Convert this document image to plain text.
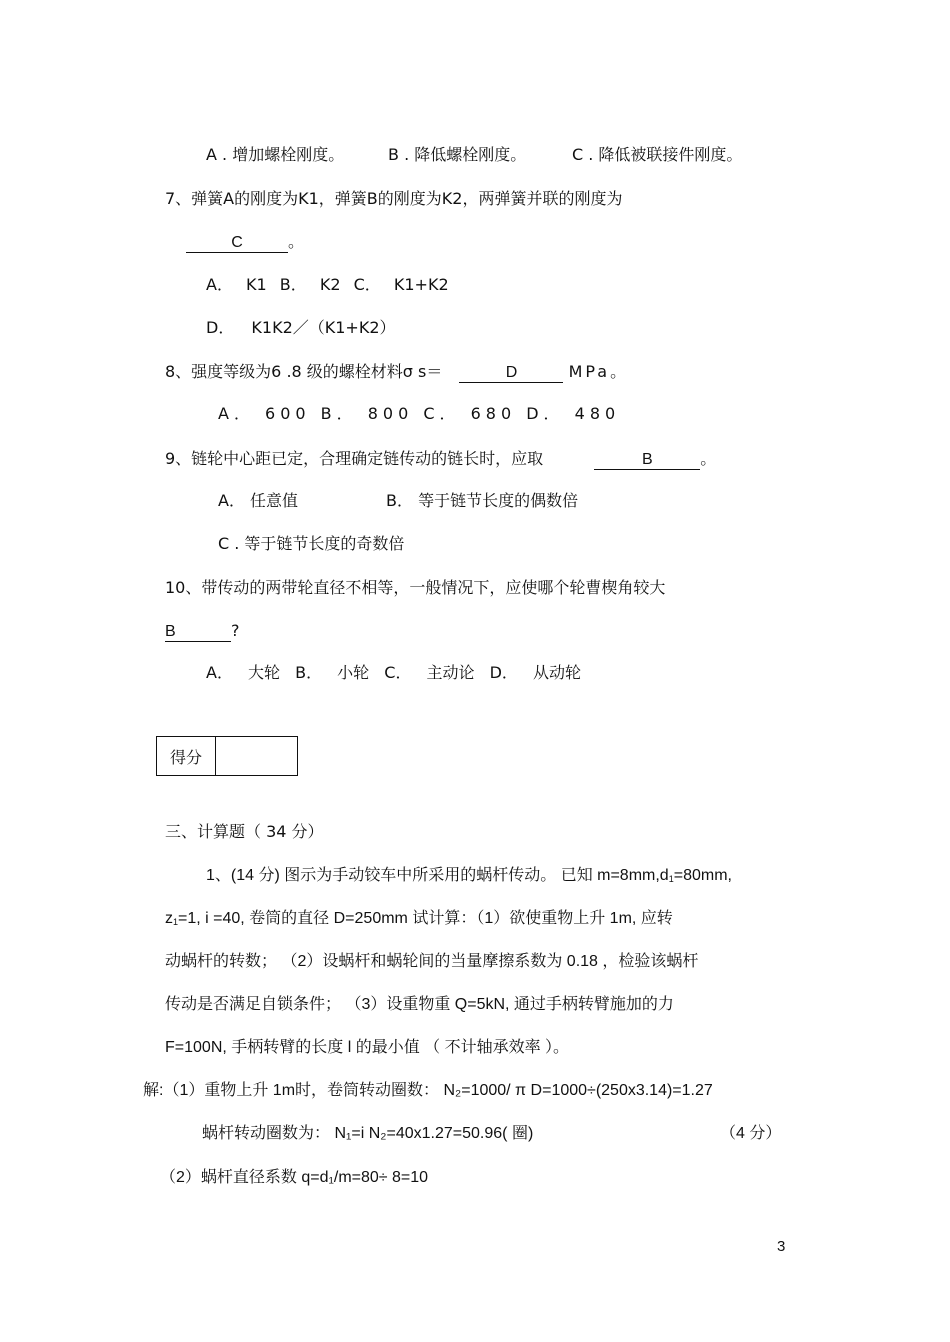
A . 增加螺栓刚度。	B . 降低螺栓刚度。	C . 降低被联接件刚度。
7、弹簧A的刚度为K1，弹簧B的刚度为K2，两弹簧并联的刚度为
C	。
A． K1 B． K2 C． K1+K2
D． K1K2／（K1+K2）
8、强度等级为6 .8 级的螺栓材料σ s＝	D	MPa。
A． 600 B． 800 C． 680 D． 480
9、链轮中心距已定，合理确定链传动的链长时，应取	B	。
A． 任意值	B． 等于链节长度的偶数倍
C . 等于链节长度的奇数倍
10、带传动的两带轮直径不相等，一般情况下，应使哪个轮曹楔角较大
B	?
A． 大轮 B． 小轮 C． 主动论 D． 从动轮
得分
三、计算题（ 34 分）
1、(14 分) 图示为手动铰车中所采用的蜗杆传动。 已知 $m=8mm,d_1=80mm$,
$z_1=1$, i =40, 卷筒的直径 D=250mm 试计算：（1）欲使重物上升 1m, 应转
动蜗杆的转数； （2）设蜗杆和蜗轮间的当量摩擦系数为 0.18 ，检验该蜗杆
传动是否满足自锁条件； （3）设重物重 Q=5kN, 通过手柄转臂施加的力
F=100N, 手柄转臂的长度 l 的最小值 （ 不计轴承效率 ）。
解:（1）重物上升 1m时，卷筒转动圈数： N₂=1000/ π D=1000÷(250x3.14)=1.27
蜗杆转动圈数为： N₁=i N₂=40x1.27=50.96( 圈)	（4 分）
（2）蜗杆直径系数 q=d₁/m=80÷ 8=10
3
